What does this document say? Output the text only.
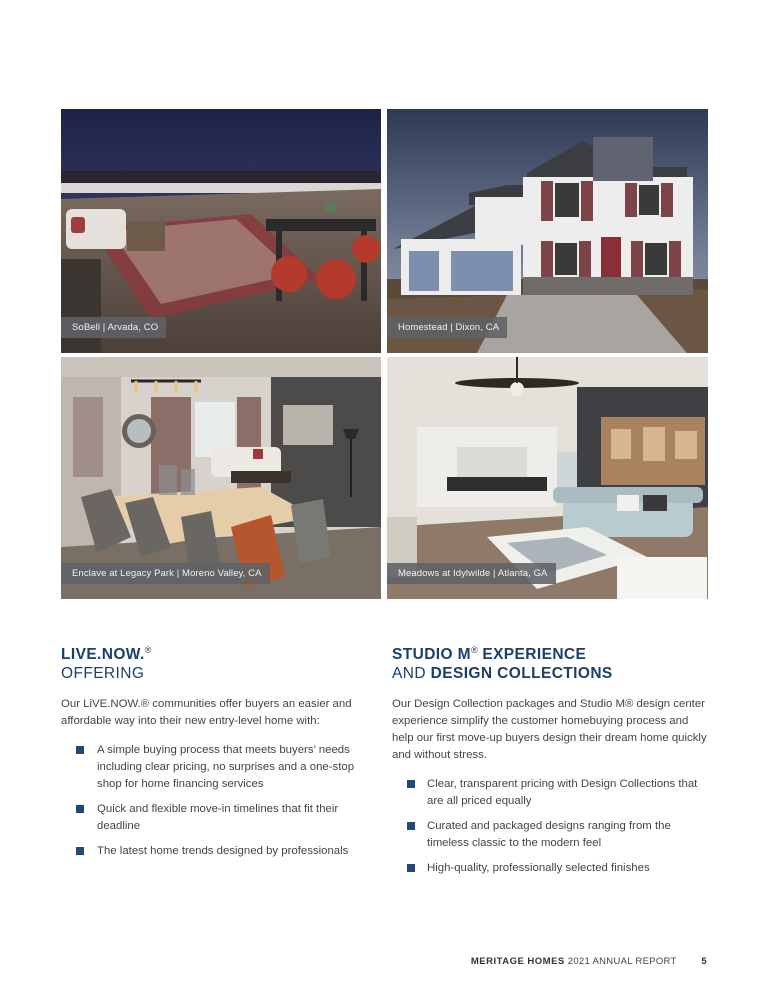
SoBell | Arvada, CO	Homestead | Dixon, CA
Enclave at Legacy Park | Moreno Valley, CA	Meadows at Idylwilde | Atlanta, GA
LIVE.NOW.®
OFFERING

Our LiVE.NOW.® communities offer buyers an easier and affordable way into their new entry-level home with:

A simple buying process that meets buyers’ needs including clear pricing, no surprises and a one-stop shop for home financing services
Quick and flexible move-in timelines that fit their deadline
The latest home trends designed by professionals
STUDIO M® EXPERIENCE
AND DESIGN COLLECTIONS

Our Design Collection packages and Studio M® design center experience simplify the customer homebuying process and help our first move-up buyers design their dream home quickly and without stress.

Clear, transparent pricing with Design Collections that are all priced equally
Curated and packaged designs ranging from the timeless classic to the modern feel
High-quality, professionally selected finishes
MERITAGE HOMES 2021 ANNUAL REPORT	5
